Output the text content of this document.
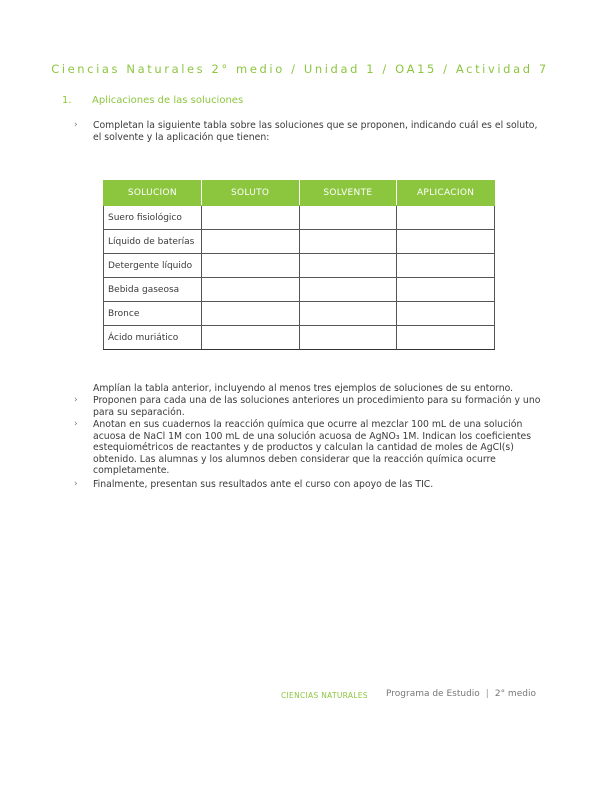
Ciencias Naturales 2° medio / Unidad 1 / OA15 / Actividad 7
1.	Aplicaciones de las soluciones
› Completan la siguiente tabla sobre las soluciones que se proponen, indicando cuál es el soluto, el solvente y la aplicación que tienen:
SOLUCION	SOLUTO	SOLVENTE	APLICACION
Suero fisiológico			
Líquido de baterías			
Detergente líquido			
Bebida gaseosa			
Bronce			
Ácido muriático			
Amplían la tabla anterior, incluyendo al menos tres ejemplos de soluciones de su entorno.
› Proponen para cada una de las soluciones anteriores un procedimiento para su formación y uno para su separación.
› Anotan en sus cuadernos la reacción química que ocurre al mezclar 100 mL de una solución acuosa de NaCl 1M con 100 mL de una solución acuosa de AgNO₃ 1M. Indican los coeficientes estequiométricos de reactantes y de productos y calculan la cantidad de moles de AgCl(s) obtenido. Las alumnas y los alumnos deben considerar que la reacción química ocurre completamente.
› Finalmente, presentan sus resultados ante el curso con apoyo de las TIC.
CIENCIAS NATURALES Programa de Estudio | 2° medio
